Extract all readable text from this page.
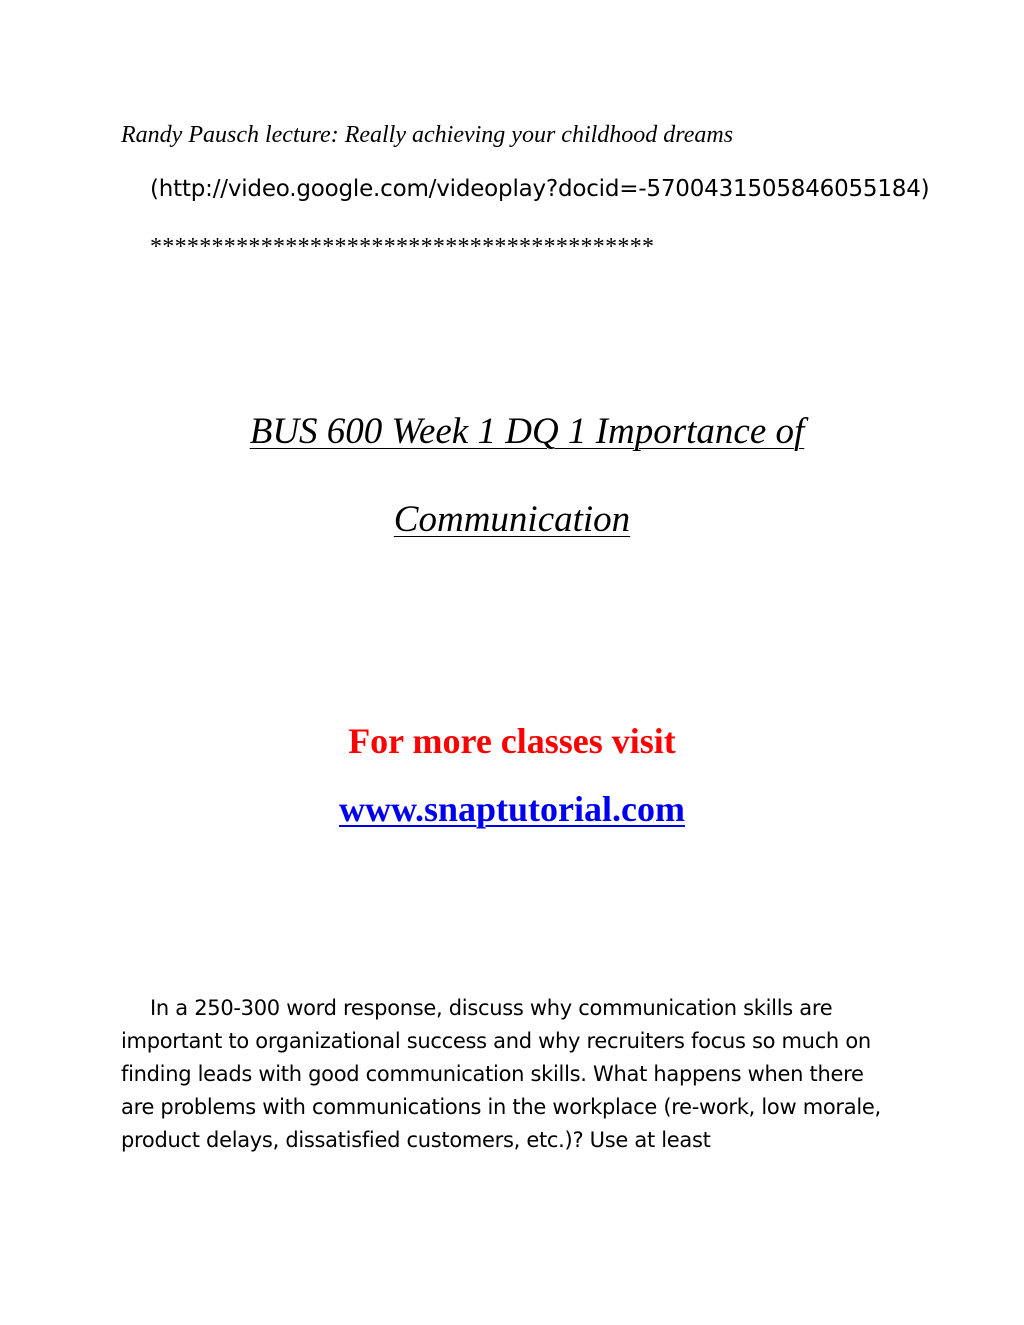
Randy Pausch lecture: Really achieving your childhood dreams
(http://video.google.com/videoplay?docid=-5700431505846055184)
*****************************************
BUS 600 Week 1 DQ 1 Importance of
Communication
For more classes visit
www.snaptutorial.com
In a 250-300 word response, discuss why communication skills are important to organizational success and why recruiters focus so much on finding leads with good communication skills. What happens when there are problems with communications in the workplace (re-work, low morale, product delays, dissatisfied customers, etc.)? Use at least
